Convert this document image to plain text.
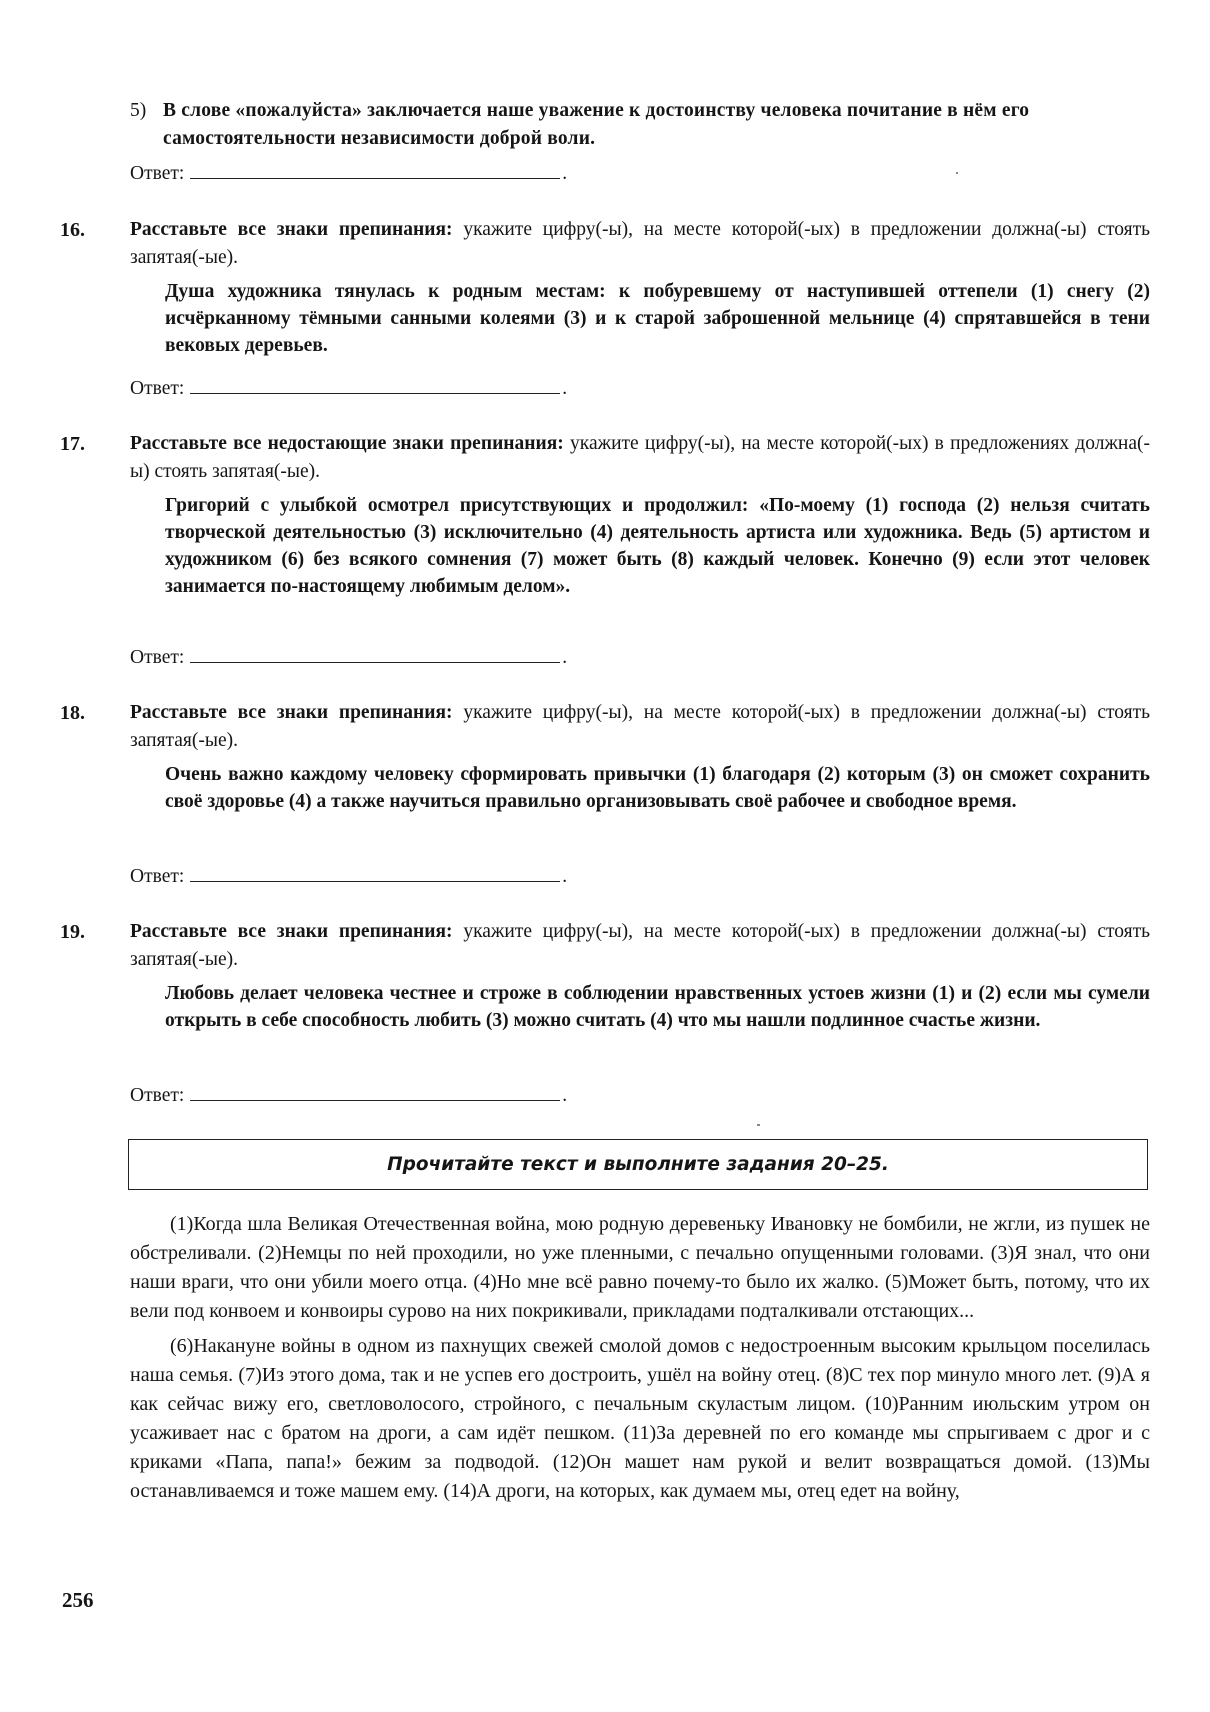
5) В слове «пожалуйста» заключается наше уважение к достоинству человека почитание в нём его самостоятельности независимости доброй воли.
Ответ:	.
16. Расставьте все знаки препинания: укажите цифру(-ы), на месте которой(-ых) в предложении должна(-ы) стоять запятая(-ые).
Душа художника тянулась к родным местам: к побуревшему от наступившей оттепели (1) снегу (2) исчёрканному тёмными санными колеями (3) и к старой заброшенной мельнице (4) спрятавшейся в тени вековых деревьев.
Ответ:	.
17. Расставьте все недостающие знаки препинания: укажите цифру(-ы), на месте которой(-ых) в предложениях должна(-ы) стоять запятая(-ые).
Григорий с улыбкой осмотрел присутствующих и продолжил: «По-моему (1) господа (2) нельзя считать творческой деятельностью (3) исключительно (4) деятельность артиста или художника. Ведь (5) артистом и художником (6) без всякого сомнения (7) может быть (8) каждый человек. Конечно (9) если этот человек занимается по-настоящему любимым делом».
Ответ:	.
18. Расставьте все знаки препинания: укажите цифру(-ы), на месте которой(-ых) в предложении должна(-ы) стоять запятая(-ые).
Очень важно каждому человеку сформировать привычки (1) благодаря (2) которым (3) он сможет сохранить своё здоровье (4) а также научиться правильно организовывать своё рабочее и свободное время.
Ответ:	.
19. Расставьте все знаки препинания: укажите цифру(-ы), на месте которой(-ых) в предложении должна(-ы) стоять запятая(-ые).
Любовь делает человека честнее и строже в соблюдении нравственных устоев жизни (1) и (2) если мы сумели открыть в себе способность любить (3) можно считать (4) что мы нашли подлинное счастье жизни.
Ответ:	.
Прочитайте текст и выполните задания 20–25.

(1)Когда шла Великая Отечественная война, мою родную деревеньку Ивановку не бомбили, не жгли, из пушек не обстреливали. (2)Немцы по ней проходили, но уже пленными, с печально опущенными головами. (3)Я знал, что они наши враги, что они убили моего отца. (4)Но мне всё равно почему-то было их жалко. (5)Может быть, потому, что их вели под конвоем и конвоиры сурово на них покрикивали, прикладами подталкивали отстающих...

(6)Накануне войны в одном из пахнущих свежей смолой домов с недостроенным высоким крыльцом поселилась наша семья. (7)Из этого дома, так и не успев его достроить, ушёл на войну отец. (8)С тех пор минуло много лет. (9)А я как сейчас вижу его, светловолосого, стройного, с печальным скуластым лицом. (10)Ранним июльским утром он усаживает нас с братом на дроги, а сам идёт пешком. (11)За деревней по его команде мы спрыгиваем с дрог и с криками «Папа, папа!» бежим за подводой. (12)Он машет нам рукой и велит возвращаться домой. (13)Мы останавливаемся и тоже машем ему. (14)А дроги, на которых, как думаем мы, отец едет на войну,

256
